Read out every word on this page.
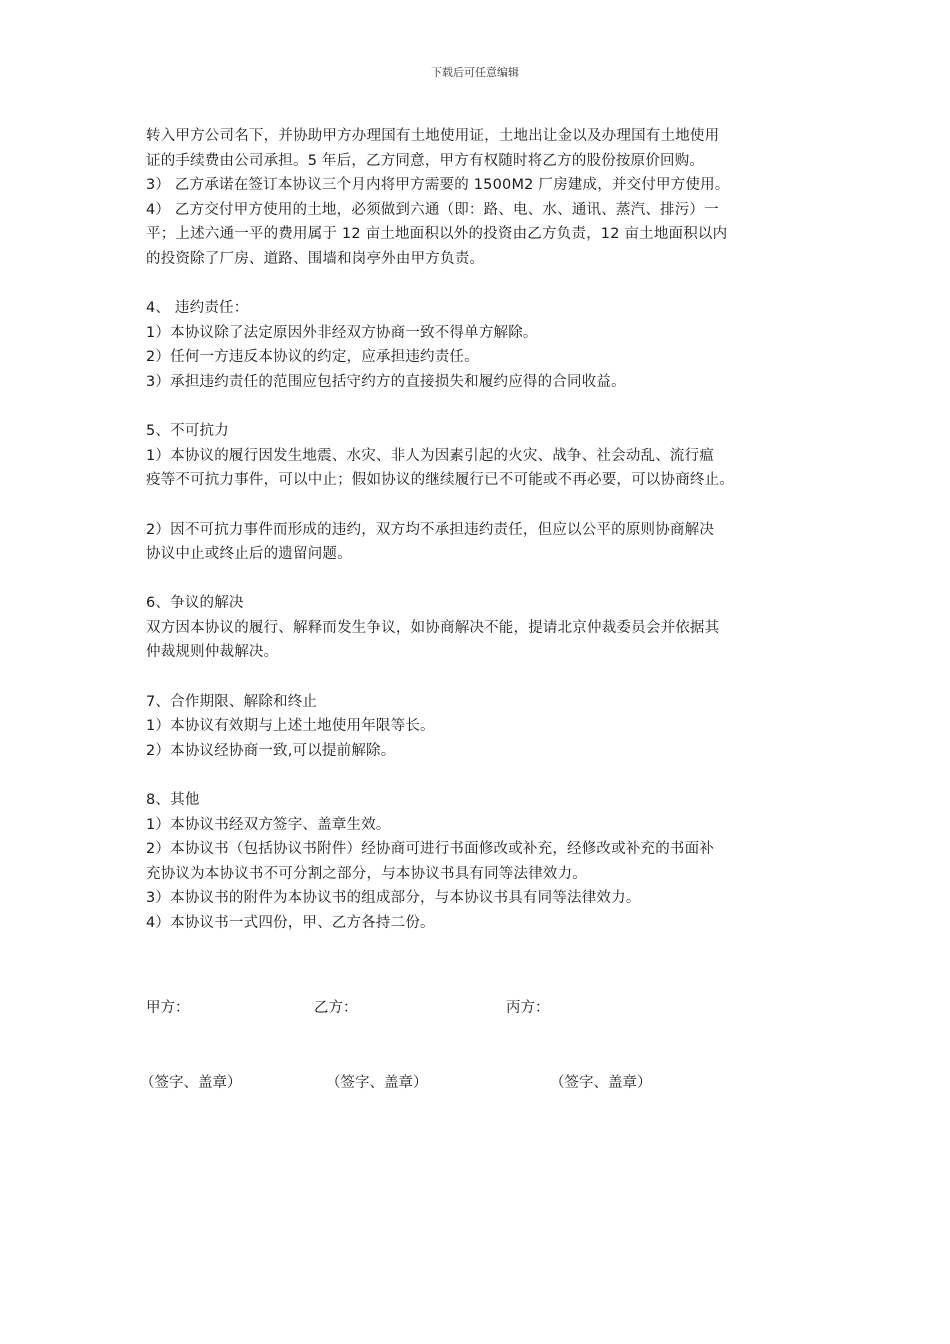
下载后可任意编辑
转入甲方公司名下，并协助甲方办理国有土地使用证，土地出让金以及办理国有土地使用
证的手续费由公司承担。5 年后，乙方同意，甲方有权随时将乙方的股份按原价回购。
3） 乙方承诺在签订本协议三个月内将甲方需要的 1500M2 厂房建成，并交付甲方使用。
4） 乙方交付甲方使用的土地，必须做到六通（即：路、电、水、通讯、蒸汽、排污）一
平；上述六通一平的费用属于 12 亩土地面积以外的投资由乙方负责，12 亩土地面积以内
的投资除了厂房、道路、围墙和岗亭外由甲方负责。
4、 违约责任：
1）本协议除了法定原因外非经双方协商一致不得单方解除。
2）任何一方违反本协议的约定，应承担违约责任。
3）承担违约责任的范围应包括守约方的直接损失和履约应得的合同收益。
5、不可抗力
1）本协议的履行因发生地震、水灾、非人为因素引起的火灾、战争、社会动乱、流行瘟
疫等不可抗力事件，可以中止；假如协议的继续履行已不可能或不再必要，可以协商终止。
2）因不可抗力事件而形成的违约，双方均不承担违约责任，但应以公平的原则协商解决
协议中止或终止后的遗留问题。
6、争议的解决
双方因本协议的履行、解释而发生争议，如协商解决不能，提请北京仲裁委员会并依据其
仲裁规则仲裁解决。
7、合作期限、解除和终止
1）本协议有效期与上述土地使用年限等长。
2）本协议经协商一致,可以提前解除。
8、其他
1）本协议书经双方签字、盖章生效。
2）本协议书（包括协议书附件）经协商可进行书面修改或补充，经修改或补充的书面补
充协议为本协议书不可分割之部分，与本协议书具有同等法律效力。
3）本协议书的附件为本协议书的组成部分，与本协议书具有同等法律效力。
4）本协议书一式四份，甲、乙方各持二份。
甲方：	乙方：	丙方：
（签字、盖章）	（签字、盖章）	（签字、盖章）
